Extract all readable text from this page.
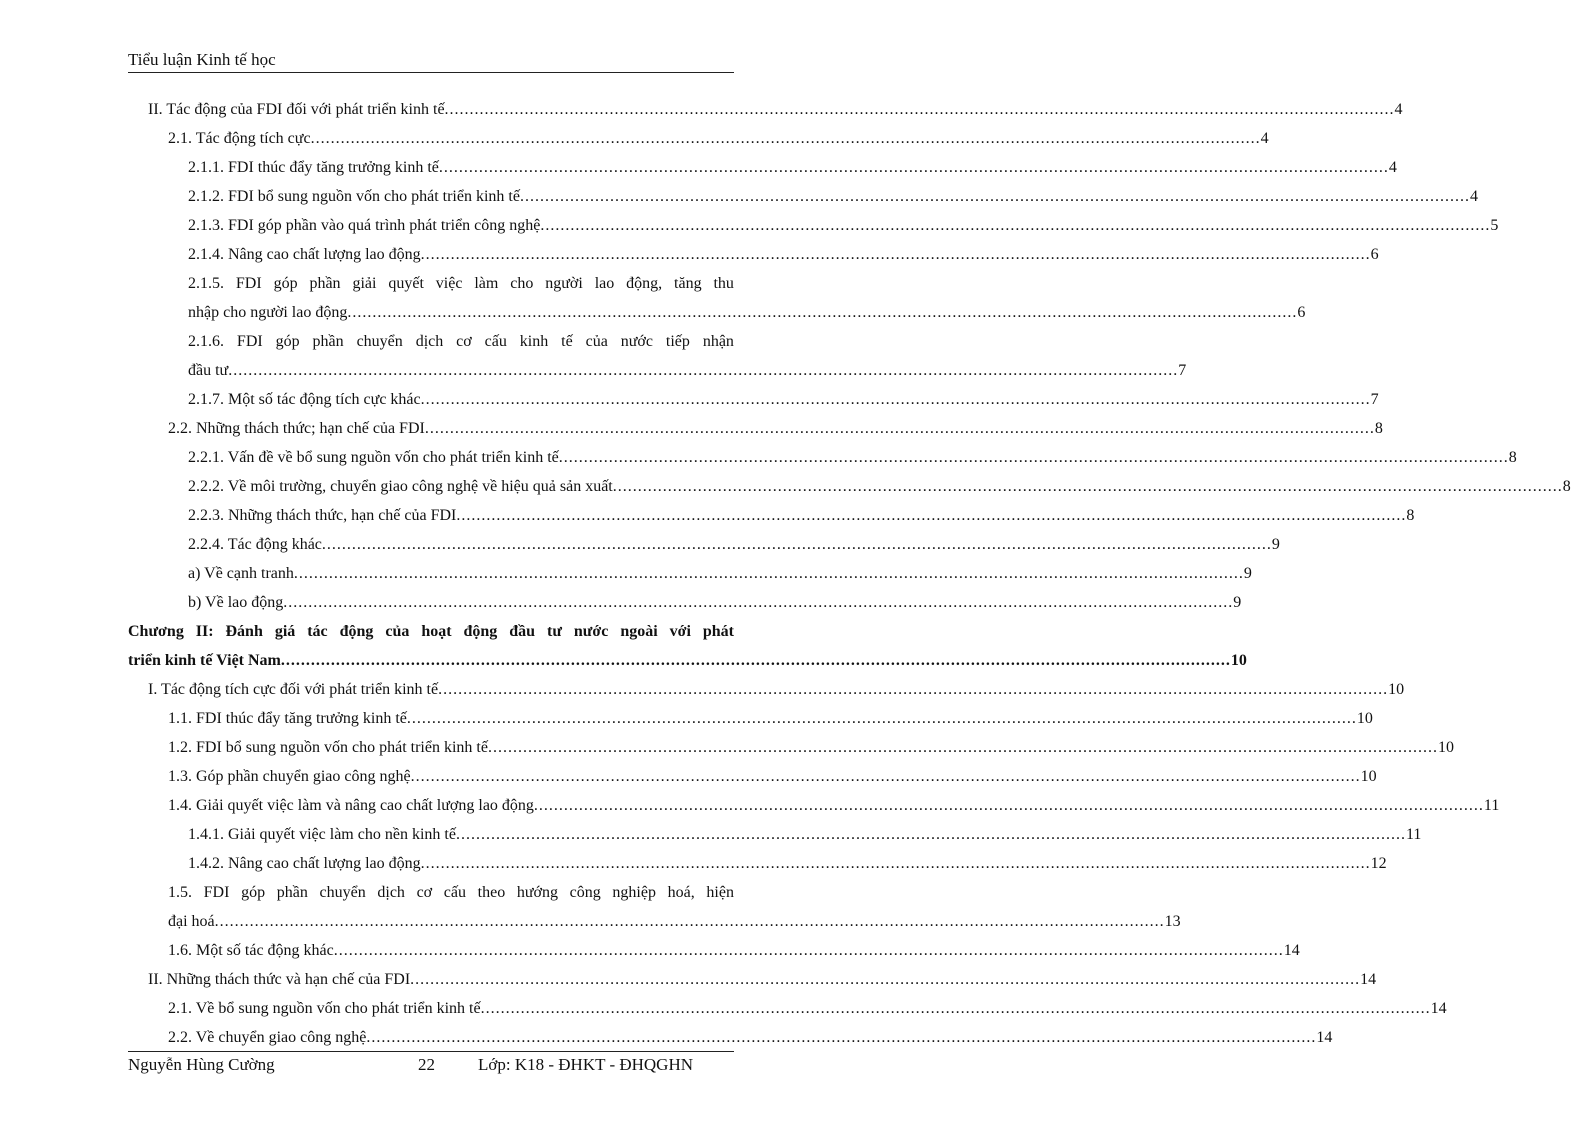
Tiểu luận Kinh tế học
II. Tác động của FDI đối với phát triển kinh tế .....	4
2.1. Tác động tích cực .....	4
2.1.1. FDI thúc đẩy tăng trưởng kinh tế .....	4
2.1.2. FDI bổ sung nguồn vốn cho phát triển kinh tế .....	4
2.1.3. FDI góp phần vào quá trình phát triển công nghệ .....	5
2.1.4. Nâng cao chất lượng lao động .....	6
2.1.5. FDI góp phần giải quyết việc làm cho người lao động, tăng thu
nhập cho người lao động .....	6
2.1.6. FDI góp phần chuyển dịch cơ cấu kinh tế của nước tiếp nhận
đầu tư .....	7
2.1.7. Một số tác động tích cực khác .....	7
2.2. Những thách thức; hạn chế của FDI .....	8
2.2.1. Vấn đề về bổ sung nguồn vốn cho phát triển kinh tế .....	8
2.2.2. Về môi trường, chuyển giao công nghệ về hiệu quả sản xuất .....	8
2.2.3. Những thách thức, hạn chế của FDI .....	8
2.2.4. Tác động khác .....	9
a) Về cạnh tranh .....	9
b) Về lao động .....	9
Chương II: Đánh giá tác động của hoạt động đầu tư nước ngoài với phát
triển kinh tế Việt Nam .....	10
I. Tác động tích cực đối với phát triển kinh tế .....	10
1.1. FDI thúc đẩy tăng trưởng kinh tế .....	10
1.2. FDI bổ sung nguồn vốn cho phát triển kinh tế .....	10
1.3. Góp phần chuyển giao công nghệ .....	10
1.4. Giải quyết việc làm và nâng cao chất lượng lao động .....	11
1.4.1. Giải quyết việc làm cho nền kinh tế .....	11
1.4.2. Nâng cao chất lượng lao động .....	12
1.5. FDI góp phần chuyển dịch cơ cấu theo hướng công nghiệp hoá, hiện
đại hoá .....	13
1.6. Một số tác động khác .....	14
II. Những thách thức và hạn chế của FDI .....	14
2.1. Về bổ sung nguồn vốn cho phát triển kinh tế .....	14
2.2. Về chuyển giao công nghệ .....	14
Nguyễn Hùng Cường	22	Lớp: K18 - ĐHKT - ĐHQGHN
